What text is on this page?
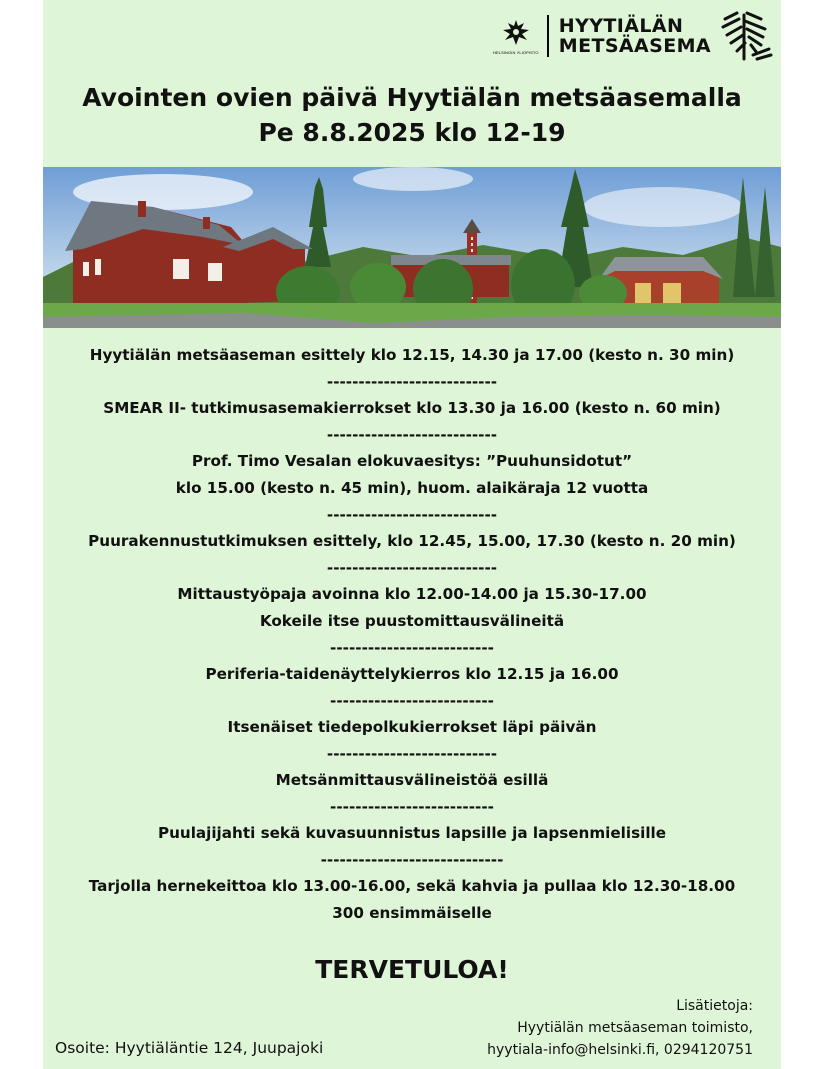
HELSINGIN YLIOPISTO
HYYTIÄLÄN
METSÄASEMA
Avointen ovien päivä Hyytiälän metsäasemalla
Pe 8.8.2025 klo 12-19
Hyytiälän metsäaseman esittely klo 12.15, 14.30 ja 17.00 (kesto n. 30 min)
---------------------------
SMEAR II- tutkimusasemakierrokset klo 13.30 ja 16.00 (kesto n. 60 min)
---------------------------
Prof. Timo Vesalan elokuvaesitys: ”Puuhunsidotut”
klo 15.00 (kesto n. 45 min), huom. alaikäraja 12 vuotta
---------------------------
Puurakennustutkimuksen esittely, klo 12.45, 15.00, 17.30 (kesto n. 20 min)
---------------------------
Mittaustyöpaja avoinna klo 12.00-14.00 ja 15.30-17.00
Kokeile itse puustomittausvälineitä
--------------------------
Periferia-taidenäyttelykierros klo 12.15 ja 16.00
--------------------------
Itsenäiset tiedepolkukierrokset läpi päivän
---------------------------
Metsänmittausvälineistöä esillä
--------------------------
Puulajijahti sekä kuvasuunnistus lapsille ja lapsenmielisille
-----------------------------
Tarjolla hernekeittoa klo 13.00-16.00, sekä kahvia ja pullaa klo 12.30-18.00
300 ensimmäiselle
TERVETULOA!
Osoite: Hyytiäläntie 124, Juupajoki
Lisätietoja:
Hyytiälän metsäaseman toimisto,
hyytiala-info@helsinki.fi, 0294120751
